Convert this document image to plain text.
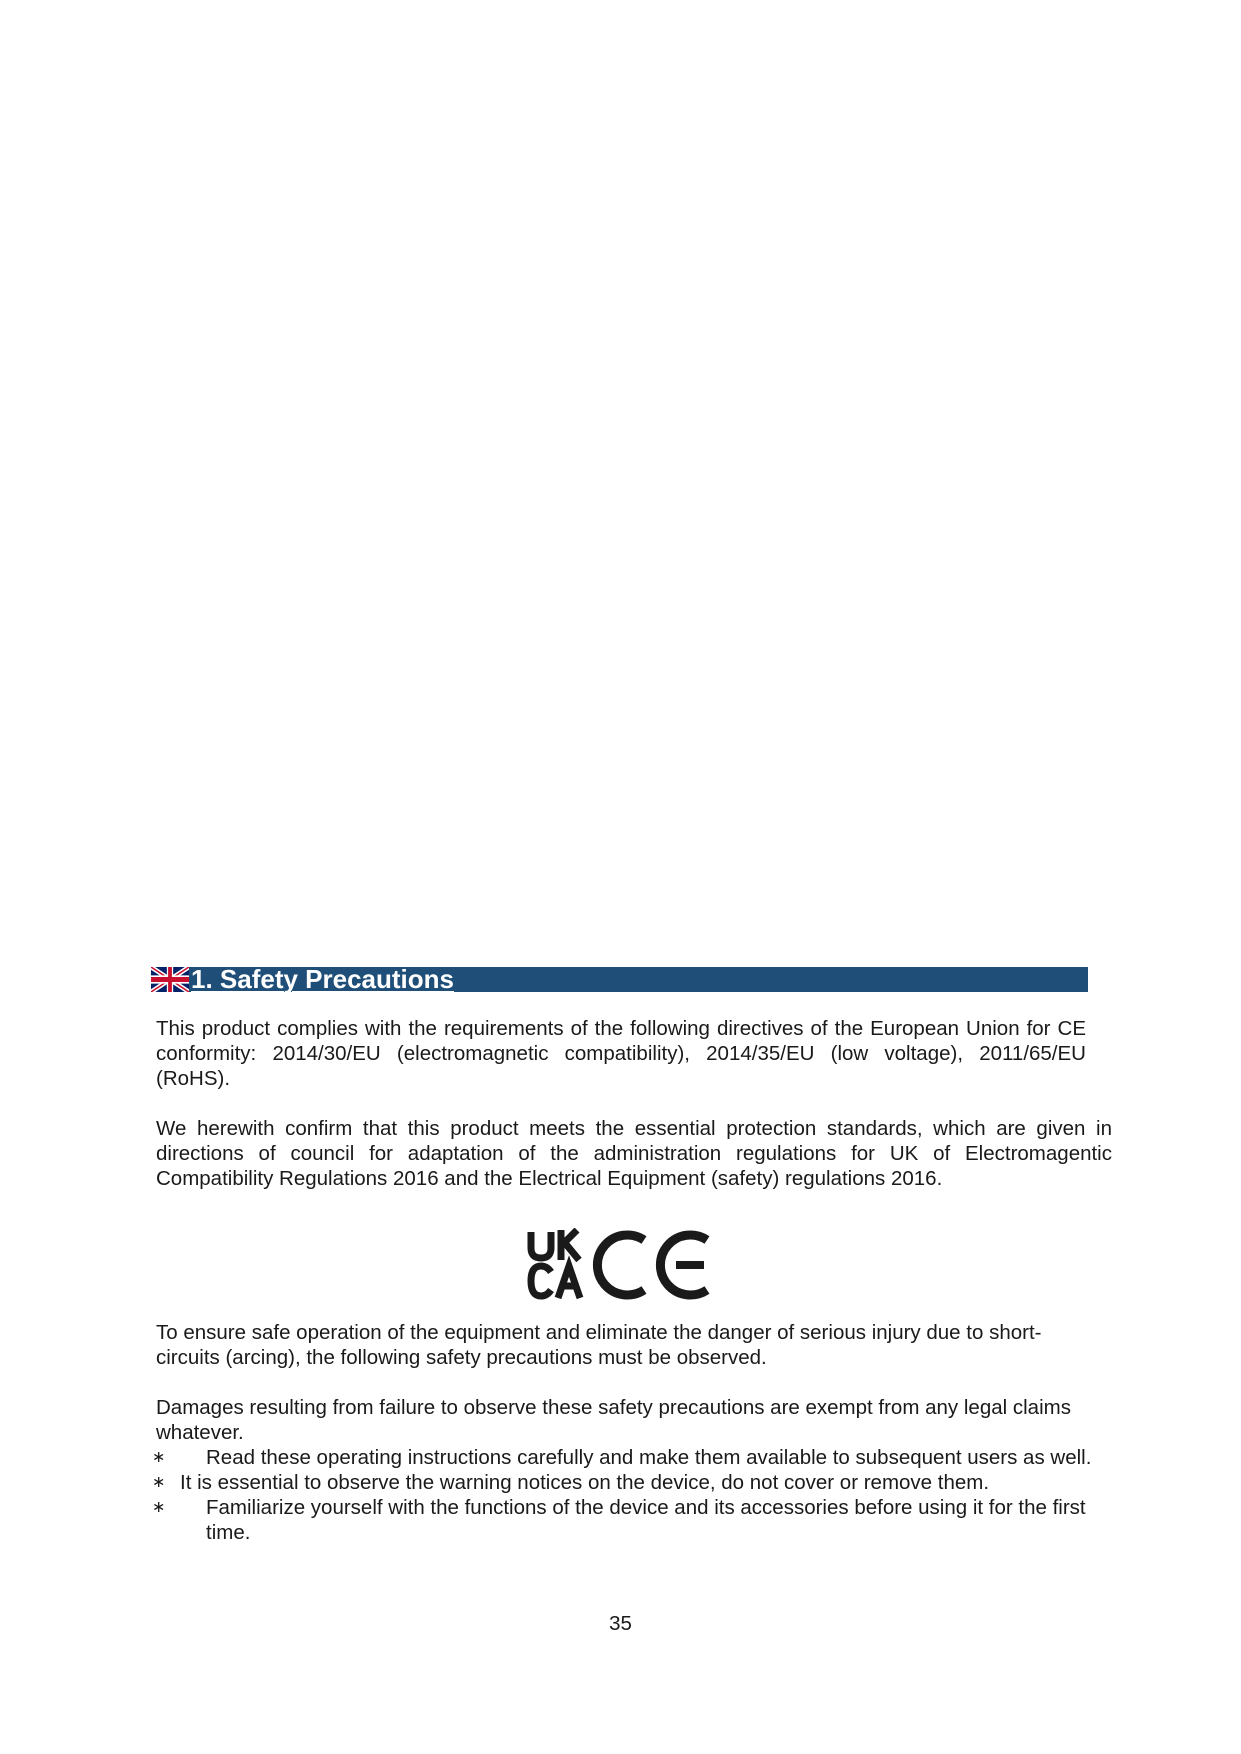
1. Safety Precautions

This product complies with the requirements of the following directives of the European Union for CE conformity: 2014/30/EU (electromagnetic compatibility), 2014/35/EU (low voltage), 2011/65/EU (RoHS).

We herewith confirm that this product meets the essential protection standards, which are given in directions of council for adaptation of the administration regulations for UK of Electromagentic Compatibility Regulations 2016 and the Electrical Equipment (safety) regulations 2016.

To ensure safe operation of the equipment and eliminate the danger of serious injury due to short-circuits (arcing), the following safety precautions must be observed.

Damages resulting from failure to observe these safety precautions are exempt from any legal claims whatever.

∗	Read these operating instructions carefully and make them available to subsequent users as well.

∗ It is essential to observe the warning notices on the device, do not cover or remove them.

∗	Familiarize yourself with the functions of the device and its accessories before using it for the first time.

35
